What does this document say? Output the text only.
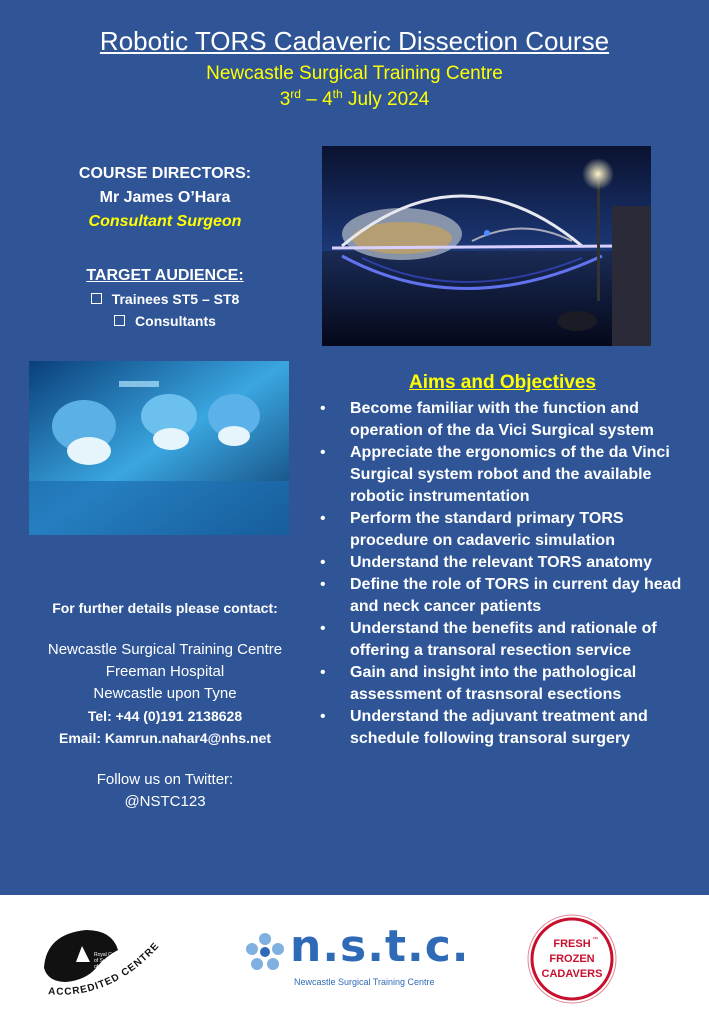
Robotic TORS Cadaveric Dissection Course
Newcastle Surgical Training Centre
3rd – 4th July 2024
COURSE DIRECTORS:
Mr James O’Hara
Consultant Surgeon
TARGET AUDIENCE:
Trainees ST5 – ST8
Consultants
Aims and Objectives
• Become familiar with the function and operation of the da Vici Surgical system
• Appreciate the ergonomics of the da Vinci Surgical system robot and the available robotic instrumentation
• Perform the standard primary TORS procedure on cadaveric simulation
• Understand the relevant TORS anatomy
• Define the role of TORS in current day head and neck cancer patients
• Understand the benefits and rationale of offering a transoral resection service
• Gain and insight into the pathological assessment of trasnsoral esections
• Understand the adjuvant treatment and schedule following transoral surgery
For further details please contact:
Newcastle Surgical Training Centre
Freeman Hospital
Newcastle upon Tyne
Tel: +44 (0)191 2138628
Email: Kamrun.nahar4@nhs.net
Follow us on Twitter:
@NSTC123
Royal College
of Surgeons
of England
ACCREDITED CENTRE	n.s.t.c.
Newcastle Surgical Training Centre
FRESH
FROZEN
CADAVERS
™
